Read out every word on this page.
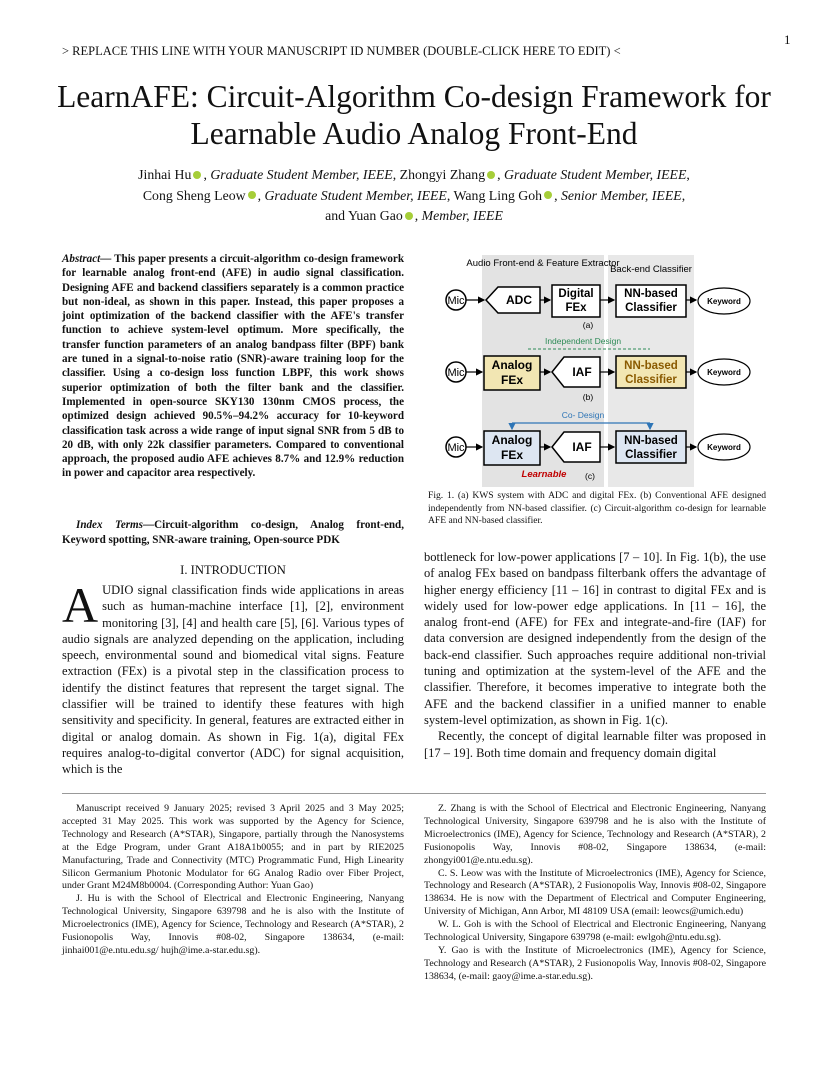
1
> REPLACE THIS LINE WITH YOUR MANUSCRIPT ID NUMBER (DOUBLE-CLICK HERE TO EDIT) <
LearnAFE: Circuit-Algorithm Co-design Framework for Learnable Audio Analog Front-End
Jinhai Hu , Graduate Student Member, IEEE, Zhongyi Zhang , Graduate Student Member, IEEE,
Cong Sheng Leow , Graduate Student Member, IEEE, Wang Ling Goh , Senior Member, IEEE,
and Yuan Gao , Member, IEEE
Abstract— This paper presents a circuit-algorithm co-design framework for learnable analog front-end (AFE) in audio signal classification. Designing AFE and backend classifiers separately is a common practice but non-ideal, as shown in this paper. Instead, this paper proposes a joint optimization of the backend classifier with the AFE's transfer function to achieve system-level optimum. More specifically, the transfer function parameters of an analog bandpass filter (BPF) bank are tuned in a signal-to-noise ratio (SNR)-aware training loop for the classifier. Using a co-design loss function LBPF, this work shows superior optimization of both the filter bank and the classifier. Implemented in open-source SKY130 130nm CMOS process, the optimized design achieved 90.5%–94.2% accuracy for 10-keyword classification task across a wide range of input signal SNR from 5 dB to 20 dB, with only 22k classifier parameters. Compared to conventional approach, the proposed audio AFE achieves 8.7% and 12.9% reduction in power and capacitor area respectively.
Index Terms—Circuit-algorithm co-design, Analog front-end, Keyword spotting, SNR-aware training, Open-source PDK
I. INTRODUCTION
AUDIO signal classification finds wide applications in areas such as human-machine interface [1], [2], environment monitoring [3], [4] and health care [5], [6]. Various types of audio signals are analyzed depending on the application, including speech, environmental sound and biomedical vital signs. Feature extraction (FEx) is a pivotal step in the classification process to identify the distinct features that represent the target signal. The classifier will be trained to identify these features with high sensitivity and specificity. In general, features are extracted either in digital or analog domain. As shown in Fig. 1(a), digital FEx requires analog-to-digital convertor (ADC) for signal acquisition, which is the
Audio Front-end & Feature Extractor
Back-end Classifier
Mic	ADC Digital
FEx
NN-based
Classifier
Keyword
(a)
Independent Design
Mic
Analog
FEx
IAF	NN-based
Classifier
Keyword
(b)
Co- Design
Mic
Analog
FEx
IAF	NN-based
Classifier
Keyword
Learnable (c)
Fig. 1. (a) KWS system with ADC and digital FEx. (b) Conventional AFE designed independently from NN-based classifier. (c) Circuit-algorithm co-design for learnable AFE and NN-based classifier.
bottleneck for low-power applications [7 – 10]. In Fig. 1(b), the use of analog FEx based on bandpass filterbank offers the advantage of higher energy efficiency [11 – 16] in contrast to digital FEx and is widely used for low-power edge applications. In [11 – 16], the analog front-end (AFE) for FEx and integrate-and-fire (IAF) for data conversion are designed independently from the design of the back-end classifier. Such approaches require additional non-trivial tuning and optimization at the system-level of the AFE and the classifier. Therefore, it becomes imperative to integrate both the AFE and the backend classifier in a unified manner to enable system-level optimization, as shown in Fig. 1(c).
Recently, the concept of digital learnable filter was proposed in [17 – 19]. Both time domain and frequency domain digital

Manuscript received 9 January 2025; revised 3 April 2025 and 3 May 2025; accepted 31 May 2025. This work was supported by the Agency for Science, Technology and Research (A*STAR), Singapore, partially through the Nanosystems at the Edge Program, under Grant A18A1b0055; and in part by RIE2025 Manufacturing, Trade and Connectivity (MTC) Programmatic Fund, High Linearity Silicon Germanium Photonic Modulator for 6G Analog Radio over Fiber Project, under Grant M24M8b0004. (Corresponding Author: Yuan Gao)

J. Hu is with the School of Electrical and Electronic Engineering, Nanyang Technological University, Singapore 639798 and he is also with the Institute of Microelectronics (IME), Agency for Science, Technology and Research (A*STAR), 2 Fusionopolis Way, Innovis #08-02, Singapore 138634, (e-mail: jinhai001@e.ntu.edu.sg/ hujh@ime.a-star.edu.sg).

Z. Zhang is with the School of Electrical and Electronic Engineering, Nanyang Technological University, Singapore 639798 and he is also with the Institute of Microelectronics (IME), Agency for Science, Technology and Research (A*STAR), 2 Fusionopolis Way, Innovis #08-02, Singapore 138634, (e-mail: zhongyi001@e.ntu.edu.sg).

C. S. Leow was with the Institute of Microelectronics (IME), Agency for Science, Technology and Research (A*STAR), 2 Fusionopolis Way, Innovis #08-02, Singapore 138634. He is now with the Department of Electrical and Computer Engineering, University of Michigan, Ann Arbor, MI 48109 USA (email: leowcs@umich.edu)

W. L. Goh is with the School of Electrical and Electronic Engineering, Nanyang Technological University, Singapore 639798 (e-mail: ewlgoh@ntu.edu.sg).

Y. Gao is with the Institute of Microelectronics (IME), Agency for Science, Technology and Research (A*STAR), 2 Fusionopolis Way, Innovis #08-02, Singapore 138634, (e-mail: gaoy@ime.a-star.edu.sg).
